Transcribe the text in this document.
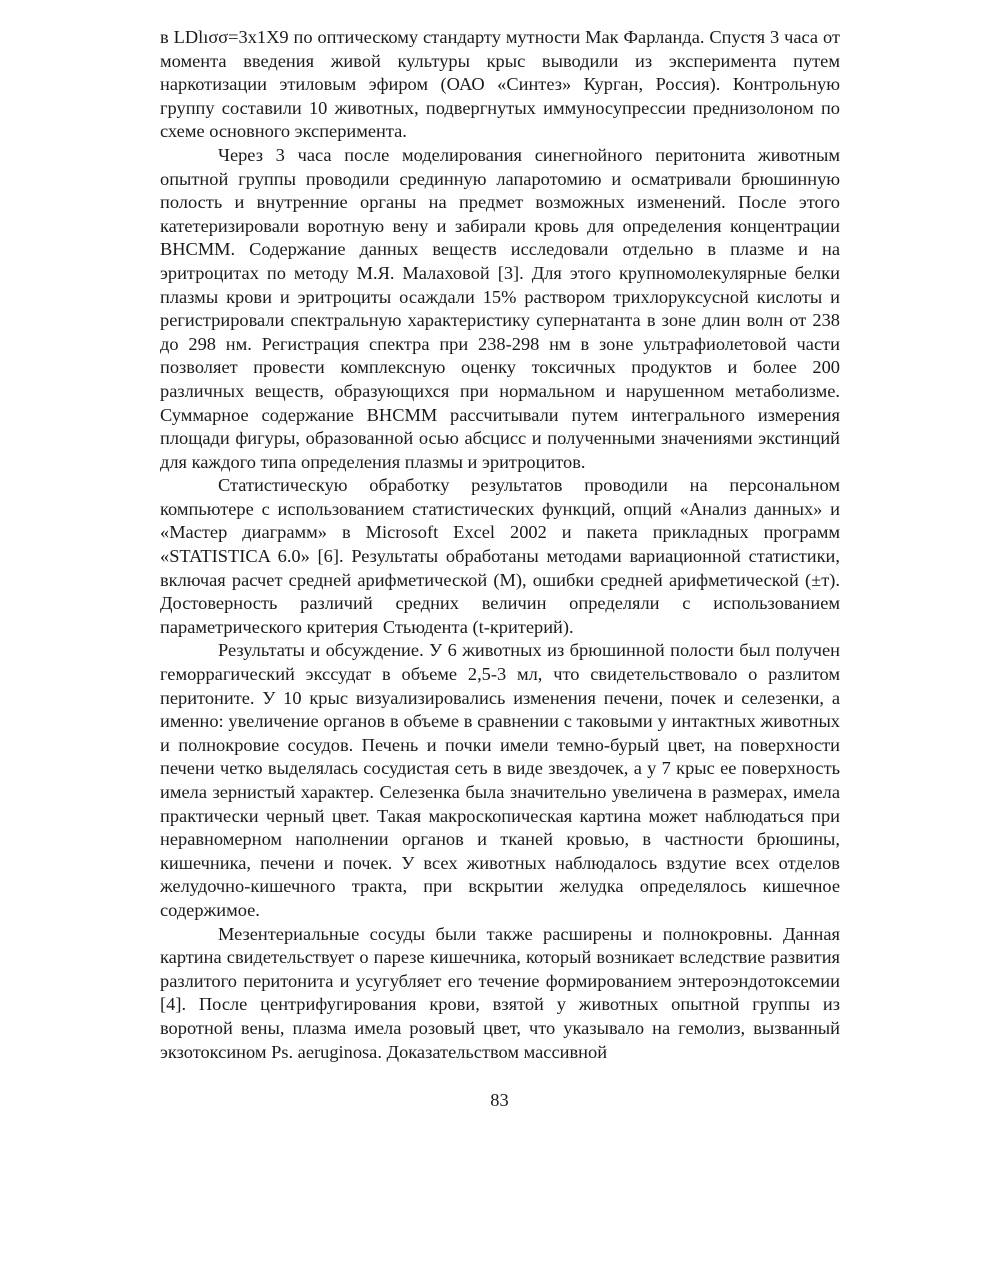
в LDlıσσ=3х1Х9 по оптическому стандарту мутности Мак Фарланда. Спустя 3 часа от момента введения живой культуры крыс выводили из эксперимента путем наркотизации этиловым эфиром (ОАО «Синтез» Курган, Россия). Контрольную группу составили 10 животных, подвергнутых иммуносупрессии преднизолоном по схеме основного эксперимента.

Через 3 часа после моделирования синегнойного перитонита животным опытной группы проводили срединную лапаротомию и осматривали брюшинную полость и внутренние органы на предмет возможных изменений. После этого катетеризировали воротную вену и забирали кровь для определения концентрации ВНСММ. Содержание данных веществ исследовали отдельно в плазме и на эритроцитах по методу М.Я. Малаховой [3]. Для этого крупномолекулярные белки плазмы крови и эритроциты осаждали 15% раствором трихлоруксусной кислоты и регистрировали спектральную характеристику супернатанта в зоне длин волн от 238 до 298 нм. Регистрация спектра при 238-298 нм в зоне ультрафиолетовой части позволяет провести комплексную оценку токсичных продуктов и более 200 различных веществ, образующихся при нормальном и нарушенном метаболизме. Суммарное содержание ВНСММ рассчитывали путем интегрального измерения площади фигуры, образованной осью абсцисс и полученными значениями экстинций для каждого типа определения плазмы и эритроцитов.

Статистическую обработку результатов проводили на персональном компьютере с использованием статистических функций, опций «Анализ данных» и «Мастер диаграмм» в Microsoft Excel 2002 и пакета прикладных программ «STATISTICA 6.0» [6]. Результаты обработаны методами вариационной статистики, включая расчет средней арифметической (М), ошибки средней арифметической (±т). Достоверность различий средних величин определяли с использованием параметрического критерия Стьюдента (t-критерий).

Результаты и обсуждение. У 6 животных из брюшинной полости был получен геморрагический экссудат в объеме 2,5-3 мл, что свидетельствовало о разлитом перитоните. У 10 крыс визуализировались изменения печени, почек и селезенки, а именно: увеличение органов в объеме в сравнении с таковыми у интактных животных и полнокровие сосудов. Печень и почки имели темно-бурый цвет, на поверхности печени четко выделялась сосудистая сеть в виде звездочек, а у 7 крыс ее поверхность имела зернистый характер. Селезенка была значительно увеличена в размерах, имела практически черный цвет. Такая макроскопическая картина может наблюдаться при неравномерном наполнении органов и тканей кровью, в частности брюшины, кишечника, печени и почек. У всех животных наблюдалось вздутие всех отделов желудочно-кишечного тракта, при вскрытии желудка определялось кишечное содержимое.

Мезентериальные сосуды были также расширены и полнокровны. Данная картина свидетельствует о парезе кишечника, который возникает вследствие развития разлитого перитонита и усугубляет его течение формированием энтероэндотоксемии [4]. После центрифугирования крови, взятой у животных опытной группы из воротной вены, плазма имела розовый цвет, что указывало на гемолиз, вызванный экзотоксином Ps. aeruginosa. Доказательством массивной

83
